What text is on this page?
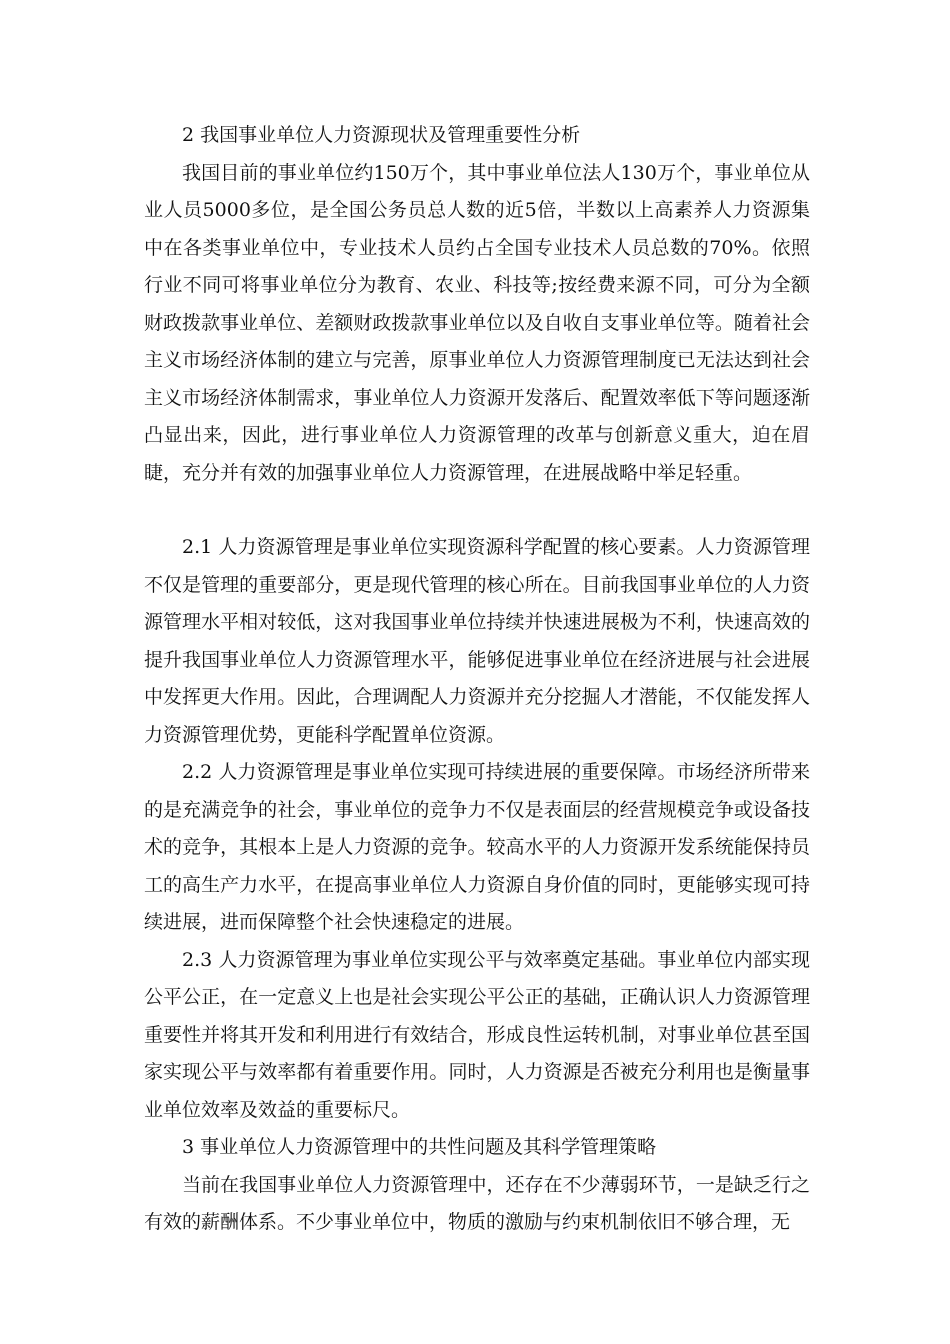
2 我国事业单位人力资源现状及管理重要性分析

我国目前的事业单位约150万个，其中事业单位法人130万个，事业单位从业人员5000多位，是全国公务员总人数的近5倍，半数以上高素养人力资源集中在各类事业单位中，专业技术人员约占全国专业技术人员总数的70%。依照行业不同可将事业单位分为教育、农业、科技等;按经费来源不同，可分为全额财政拨款事业单位、差额财政拨款事业单位以及自收自支事业单位等。随着社会主义市场经济体制的建立与完善，原事业单位人力资源管理制度已无法达到社会主义市场经济体制需求，事业单位人力资源开发落后、配置效率低下等问题逐渐凸显出来，因此，进行事业单位人力资源管理的改革与创新意义重大，迫在眉睫，充分并有效的加强事业单位人力资源管理，在进展战略中举足轻重。

2.1 人力资源管理是事业单位实现资源科学配置的核心要素。人力资源管理不仅是管理的重要部分，更是现代管理的核心所在。目前我国事业单位的人力资源管理水平相对较低，这对我国事业单位持续并快速进展极为不利，快速高效的提升我国事业单位人力资源管理水平，能够促进事业单位在经济进展与社会进展中发挥更大作用。因此，合理调配人力资源并充分挖掘人才潜能，不仅能发挥人力资源管理优势，更能科学配置单位资源。

2.2 人力资源管理是事业单位实现可持续进展的重要保障。市场经济所带来的是充满竞争的社会，事业单位的竞争力不仅是表面层的经营规模竞争或设备技术的竞争，其根本上是人力资源的竞争。较高水平的人力资源开发系统能保持员工的高生产力水平，在提高事业单位人力资源自身价值的同时，更能够实现可持续进展，进而保障整个社会快速稳定的进展。

2.3 人力资源管理为事业单位实现公平与效率奠定基础。事业单位内部实现公平公正，在一定意义上也是社会实现公平公正的基础，正确认识人力资源管理重要性并将其开发和利用进行有效结合，形成良性运转机制，对事业单位甚至国家实现公平与效率都有着重要作用。同时，人力资源是否被充分利用也是衡量事业单位效率及效益的重要标尺。

3 事业单位人力资源管理中的共性问题及其科学管理策略

当前在我国事业单位人力资源管理中，还存在不少薄弱环节，一是缺乏行之有效的薪酬体系。不少事业单位中，物质的激励与约束机制依旧不够合理，无
